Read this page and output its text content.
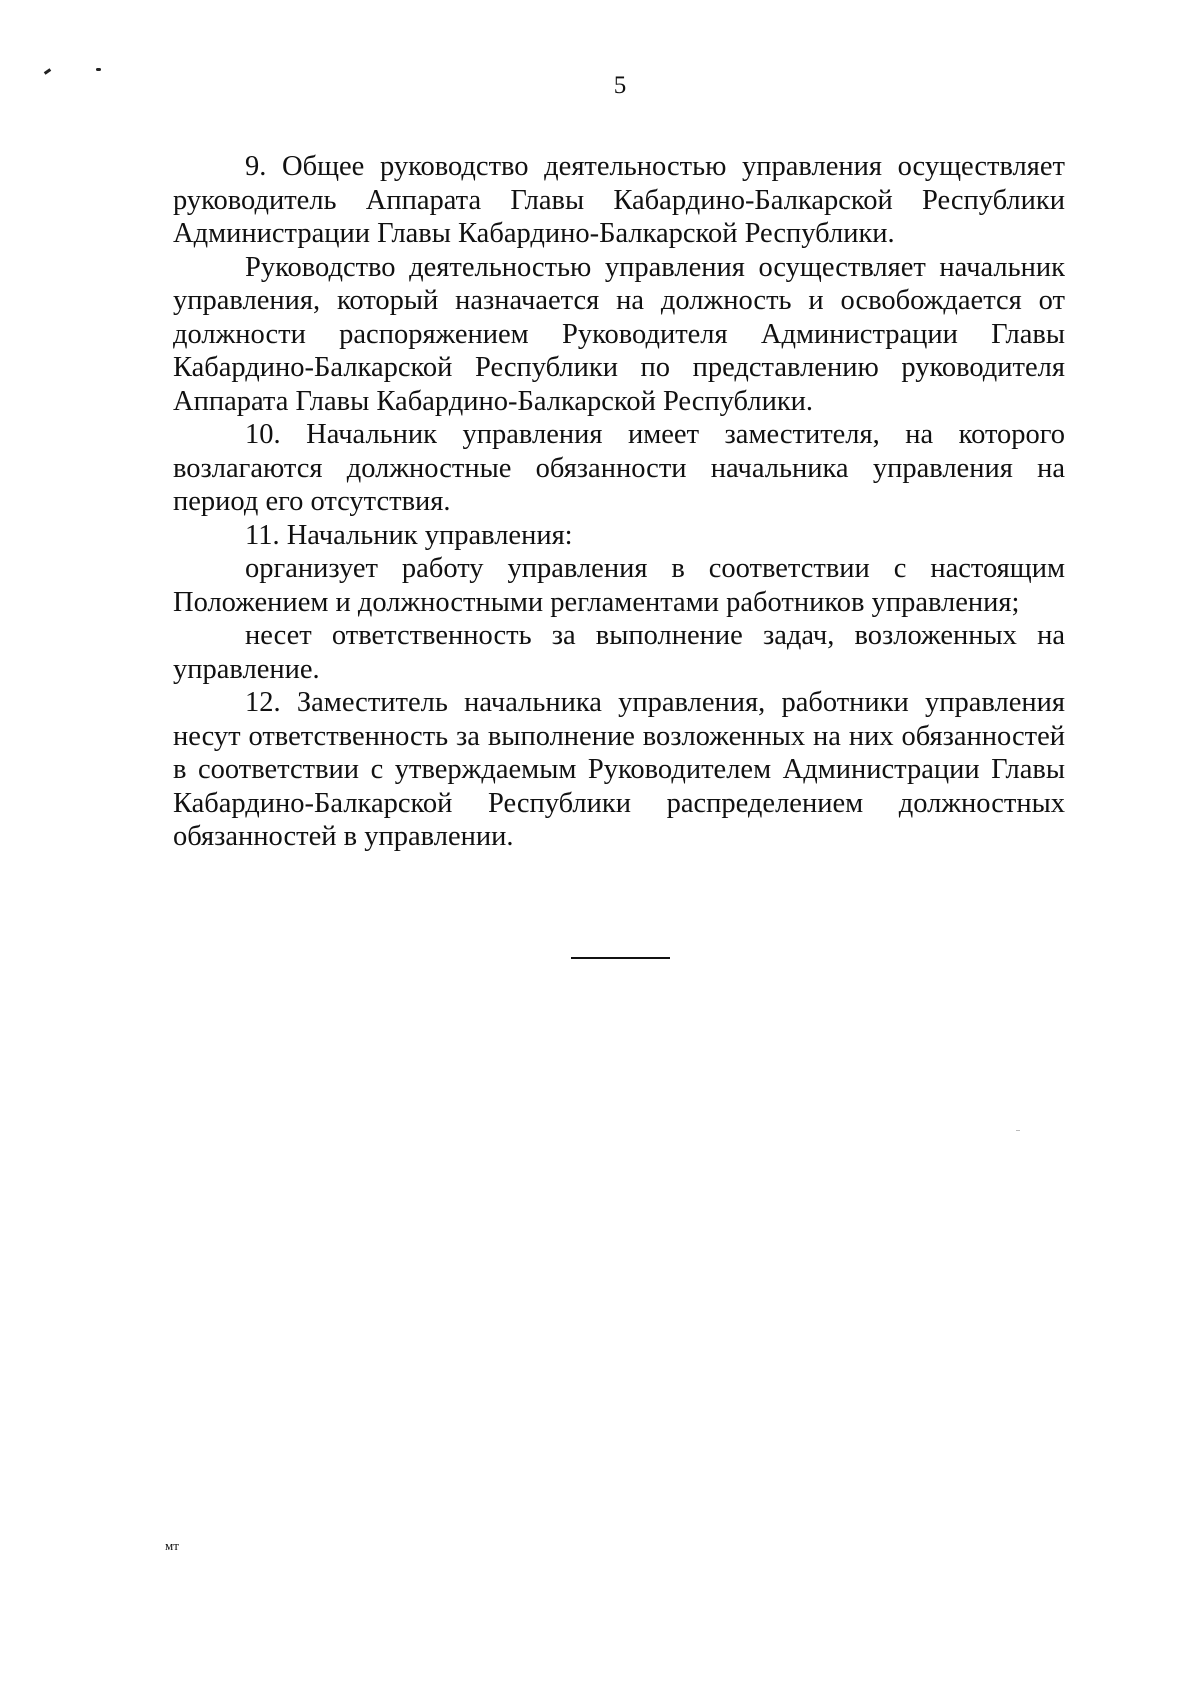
5

9. Общее руководство деятельностью управления осуществляет руководитель Аппарата Главы Кабардино-Балкарской Республики Администрации Главы Кабардино-Балкарской Республики.

Руководство деятельностью управления осуществляет начальник управления, который назначается на должность и освобождается от должности распоряжением Руководителя Администрации Главы Кабардино-Балкарской Республики по представлению руководителя Аппарата Главы Кабардино-Балкарской Республики.

10. Начальник управления имеет заместителя, на которого возлагаются должностные обязанности начальника управления на период его отсутствия.

11. Начальник управления:

организует работу управления в соответствии с настоящим Положением и должностными регламентами работников управления;

несет ответственность за выполнение задач, возложенных на управление.

12. Заместитель начальника управления, работники управления несут ответственность за выполнение возложенных на них обязанностей в соответствии с утверждаемым Руководителем Администрации Главы Кабардино-Балкарской Республики распределением должностных обязанностей в управлении.

мт
